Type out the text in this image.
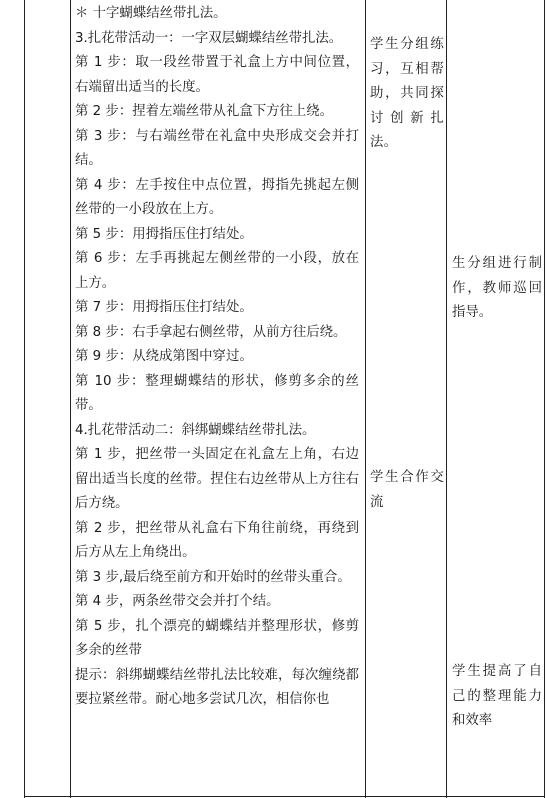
＊ 十字蝴蝶结丝带扎法。

3.扎花带活动一：一字双层蝴蝶结丝带扎法。

第 1 步：取一段丝带置于礼盒上方中间位置，右端留出适当的长度。

第 2 步：捏着左端丝带从礼盒下方往上绕。

第 3 步：与右端丝带在礼盒中央形成交会并打结。

第 4 步：左手按住中点位置，拇指先挑起左侧丝带的一小段放在上方。

第 5 步：用拇指压住打结处。

第 6 步：左手再挑起左侧丝带的一小段，放在上方。

第 7 步：用拇指压住打结处。

第 8 步：右手拿起右侧丝带，从前方往后绕。

第 9 步：从绕成第图中穿过。

第 10 步：整理蝴蝶结的形状，修剪多余的丝带。

4.扎花带活动二：斜绑蝴蝶结丝带扎法。

第 1 步，把丝带一头固定在礼盒左上角，右边留出适当长度的丝带。捏住右边丝带从上方往右后方绕。

第 2 步，把丝带从礼盒右下角往前绕，再绕到后方从左上角绕出。

第 3 步,最后绕至前方和开始时的丝带头重合。

第 4 步，两条丝带交会并打个结。

第 5 步，扎个漂亮的蝴蝶结并整理形状，修剪多余的丝带

提示：斜绑蝴蝶结丝带扎法比较难，每次缠绕都要拉紧丝带。耐心地多尝试几次，相信你也

学生分组练习，互相帮助，共同探讨创新扎法。
学生合作交流
生分组进行制作，教师巡回指导。
学生提高了自己的整理能力和效率
